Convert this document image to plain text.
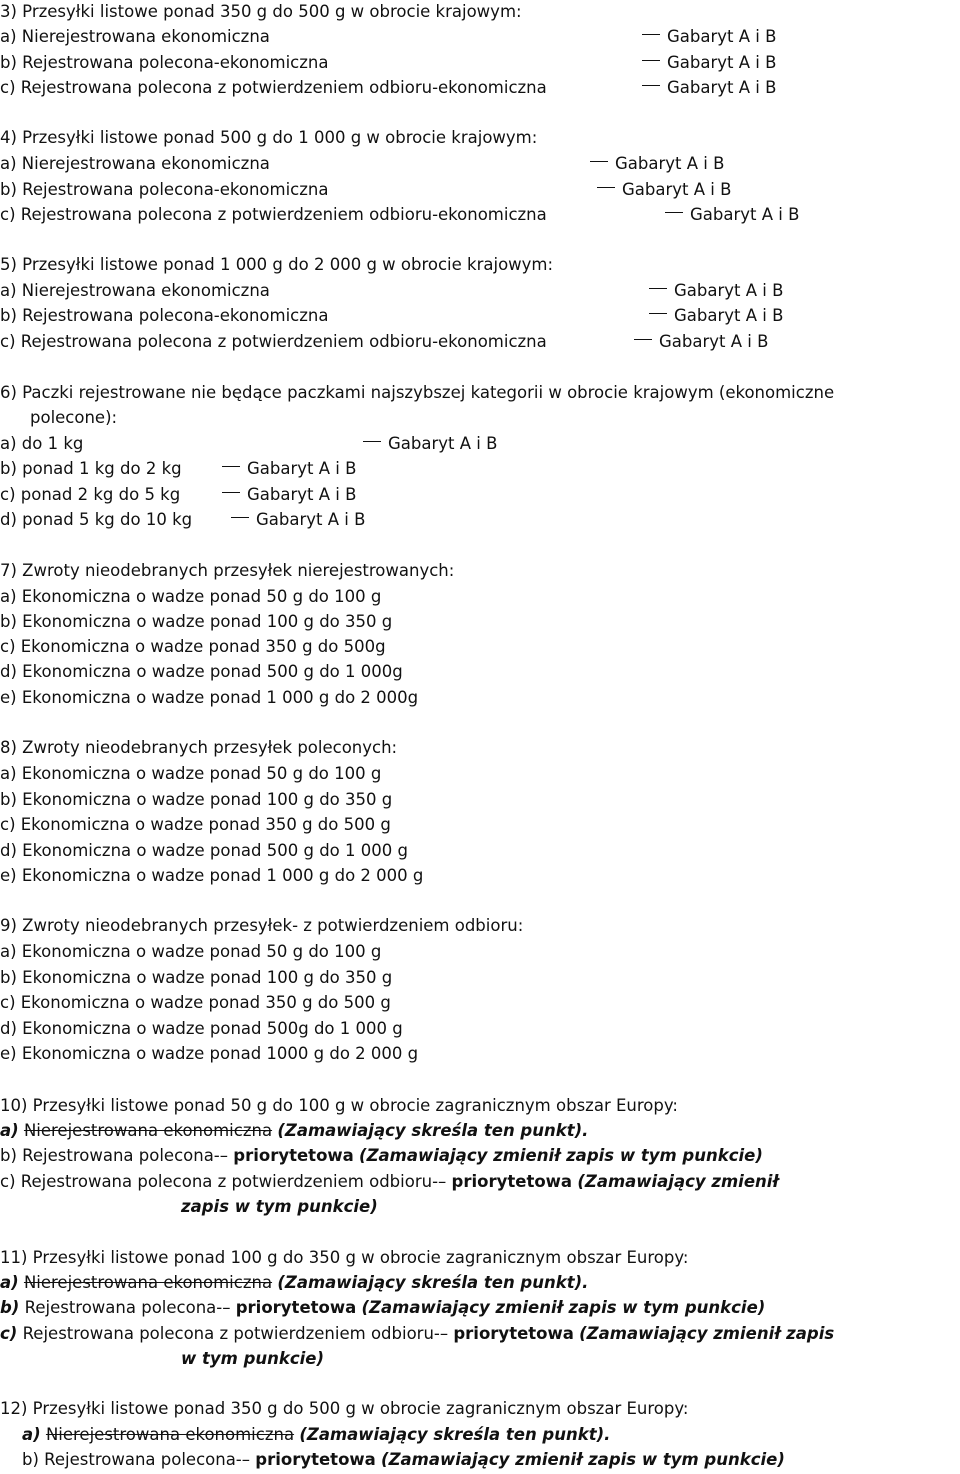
3) Przesyłki listowe ponad 350 g do 500 g w obrocie krajowym:
a) Nierejestrowana ekonomiczna	Gabaryt A i B
b) Rejestrowana polecona-ekonomiczna	Gabaryt A i B
c) Rejestrowana polecona z potwierdzeniem odbioru-ekonomiczna	Gabaryt A i B
4) Przesyłki listowe ponad 500 g do 1 000 g w obrocie krajowym:
a) Nierejestrowana ekonomiczna	Gabaryt A i B
b) Rejestrowana polecona-ekonomiczna	Gabaryt A i B
c) Rejestrowana polecona z potwierdzeniem odbioru-ekonomiczna	Gabaryt A i B
5) Przesyłki listowe ponad 1 000 g do 2 000 g w obrocie krajowym:
a) Nierejestrowana ekonomiczna	Gabaryt A i B
b) Rejestrowana polecona-ekonomiczna	Gabaryt A i B
c) Rejestrowana polecona z potwierdzeniem odbioru-ekonomiczna	Gabaryt A i B
6) Paczki rejestrowane nie będące paczkami najszybszej kategorii w obrocie krajowym (ekonomiczne
polecone):
a) do 1 kg	Gabaryt A i B
b) ponad 1 kg do 2 kg	Gabaryt A i B
c) ponad 2 kg do 5 kg	Gabaryt A i B
d) ponad 5 kg do 10 kg	Gabaryt A i B
7) Zwroty nieodebranych przesyłek nierejestrowanych:
a) Ekonomiczna o wadze ponad 50 g do 100 g
b) Ekonomiczna o wadze ponad 100 g do 350 g
c) Ekonomiczna o wadze ponad 350 g do 500g
d) Ekonomiczna o wadze ponad 500 g do 1 000g
e) Ekonomiczna o wadze ponad 1 000 g do 2 000g
8) Zwroty nieodebranych przesyłek poleconych:
a) Ekonomiczna o wadze ponad 50 g do 100 g
b) Ekonomiczna o wadze ponad 100 g do 350 g
c) Ekonomiczna o wadze ponad 350 g do 500 g
d) Ekonomiczna o wadze ponad 500 g do 1 000 g
e) Ekonomiczna o wadze ponad 1 000 g do 2 000 g
9) Zwroty nieodebranych przesyłek- z potwierdzeniem odbioru:
a) Ekonomiczna o wadze ponad 50 g do 100 g
b) Ekonomiczna o wadze ponad 100 g do 350 g
c) Ekonomiczna o wadze ponad 350 g do 500 g
d) Ekonomiczna o wadze ponad 500g do 1 000 g
e) Ekonomiczna o wadze ponad 1000 g do 2 000 g
10) Przesyłki listowe ponad 50 g do 100 g w obrocie zagranicznym obszar Europy:
a) Nierejestrowana ekonomiczna (Zamawiający skreśla ten punkt).
b) Rejestrowana polecona-– priorytetowa (Zamawiający zmienił zapis w tym punkcie)
c) Rejestrowana polecona z potwierdzeniem odbioru-– priorytetowa (Zamawiający zmienił
zapis w tym punkcie)
11) Przesyłki listowe ponad 100 g do 350 g w obrocie zagranicznym obszar Europy:
a) Nierejestrowana ekonomiczna (Zamawiający skreśla ten punkt).
b) Rejestrowana polecona-– priorytetowa (Zamawiający zmienił zapis w tym punkcie)
c) Rejestrowana polecona z potwierdzeniem odbioru-– priorytetowa (Zamawiający zmienił zapis
w tym punkcie)
12) Przesyłki listowe ponad 350 g do 500 g w obrocie zagranicznym obszar Europy:
a) Nierejestrowana ekonomiczna (Zamawiający skreśla ten punkt).
b) Rejestrowana polecona-– priorytetowa (Zamawiający zmienił zapis w tym punkcie)
